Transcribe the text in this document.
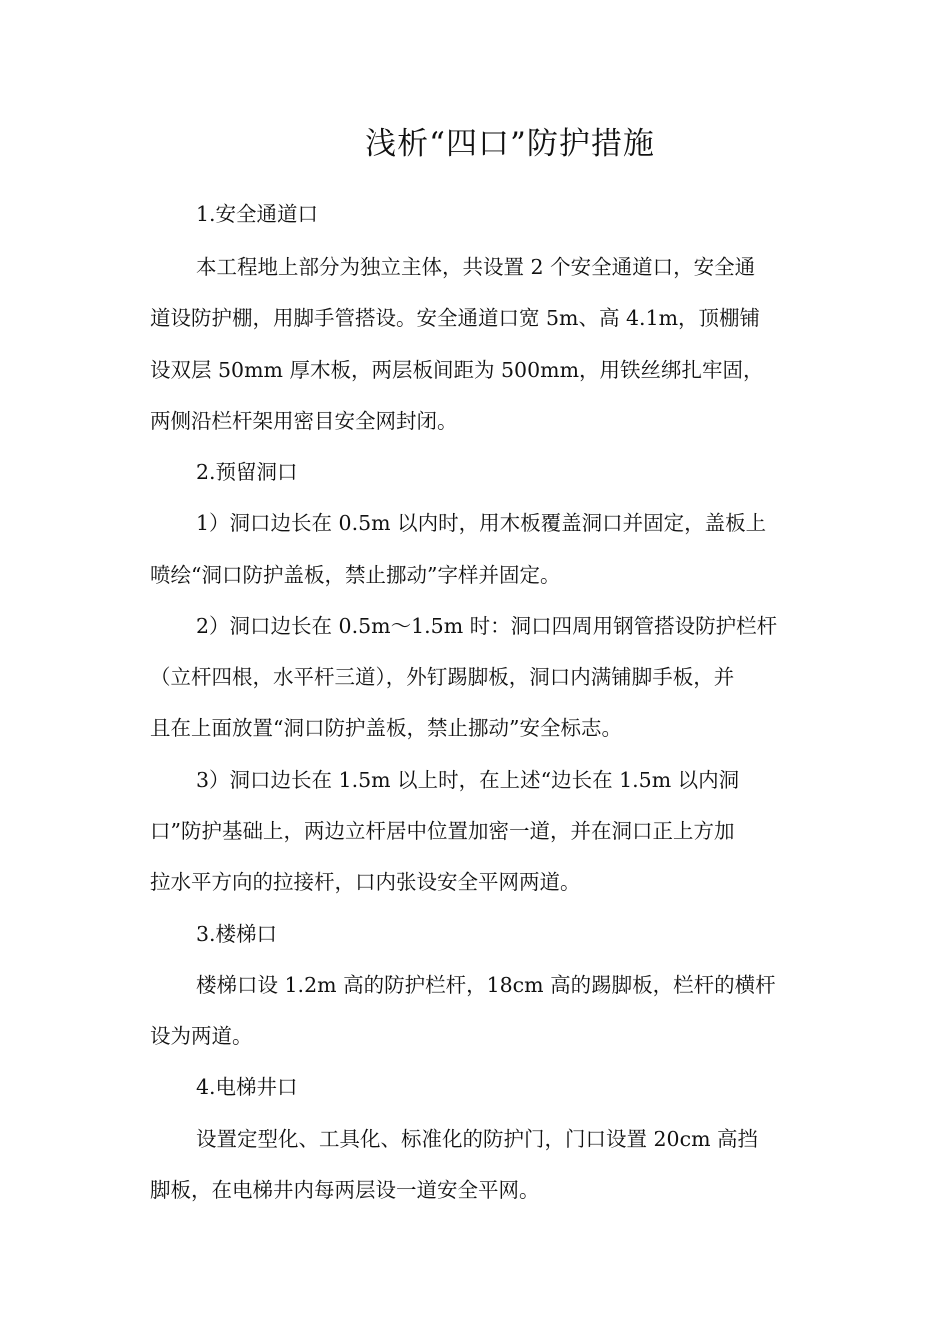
浅析“四口”防护措施

1.安全通道口

本工程地上部分为独立主体，共设置 2 个安全通道口，安全通

道设防护棚，用脚手管搭设。安全通道口宽 5m、高 4.1m，顶棚铺

设双层 50mm 厚木板，两层板间距为 500mm，用铁丝绑扎牢固，

两侧沿栏杆架用密目安全网封闭。

2.预留洞口

1）洞口边长在 0.5m 以内时，用木板覆盖洞口并固定，盖板上

喷绘“洞口防护盖板，禁止挪动”字样并固定。

2）洞口边长在 0.5m～1.5m 时：洞口四周用钢管搭设防护栏杆

（立杆四根，水平杆三道），外钉踢脚板，洞口内满铺脚手板，并

且在上面放置“洞口防护盖板，禁止挪动”安全标志。

3）洞口边长在 1.5m 以上时，在上述“边长在 1.5m 以内洞

口”防护基础上，两边立杆居中位置加密一道，并在洞口正上方加

拉水平方向的拉接杆，口内张设安全平网两道。

3.楼梯口

楼梯口设 1.2m 高的防护栏杆，18cm 高的踢脚板，栏杆的横杆

设为两道。

4.电梯井口

设置定型化、工具化、标准化的防护门，门口设置 20cm 高挡

脚板，在电梯井内每两层设一道安全平网。
